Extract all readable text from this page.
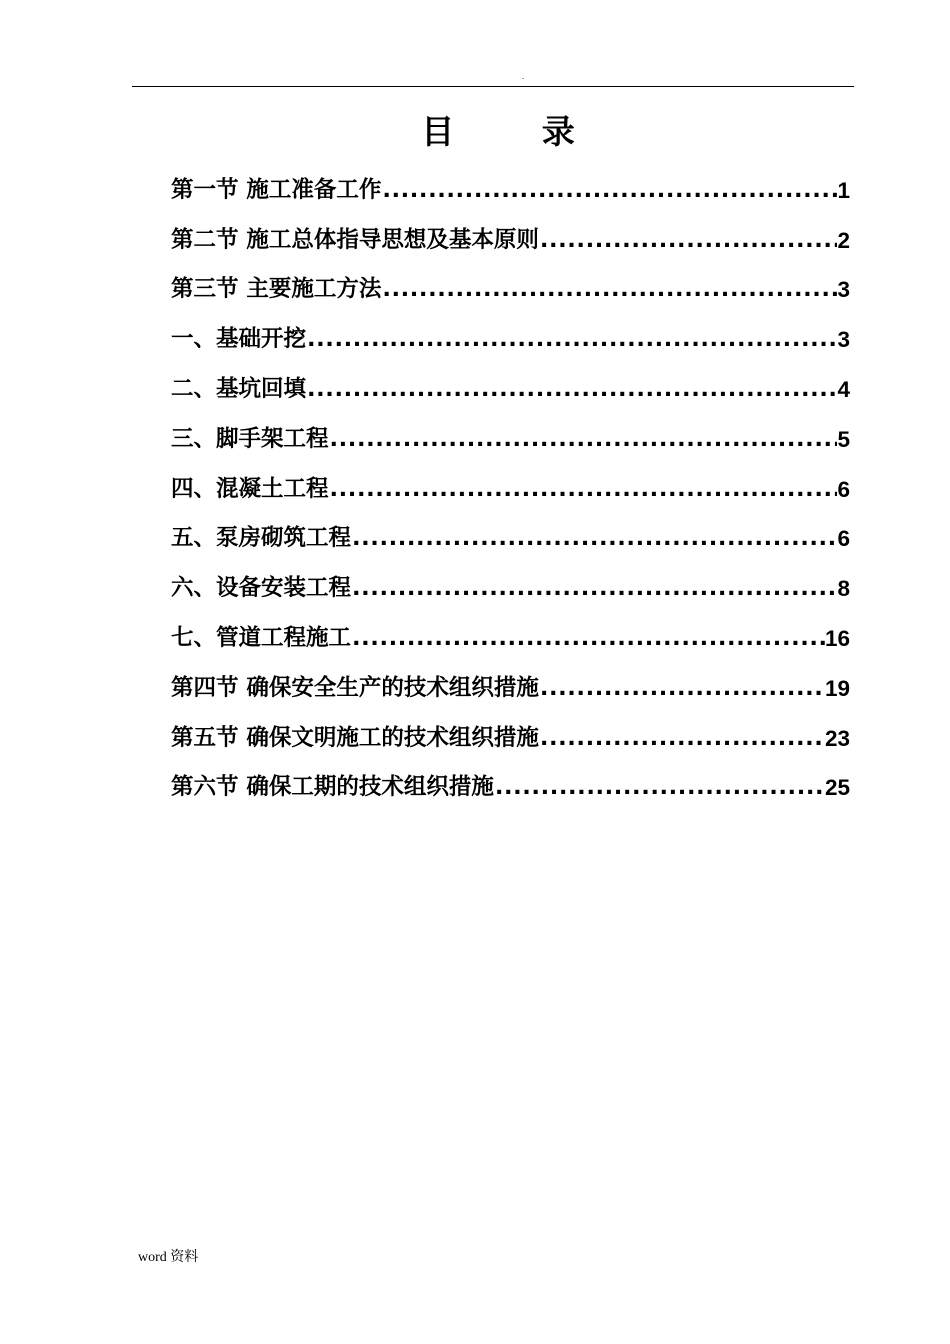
.
目 录
第一节 施工准备工作 .....	1
第二节 施工总体指导思想及基本原则 .....	2
第三节 主要施工方法 .....	3
一、基础开挖 .....	3
二、基坑回填 .....	4
三、脚手架工程 .....	5
四、混凝土工程 .....	6
五、泵房砌筑工程 .....	6
六、设备安装工程 .....	8
七、管道工程施工 .....	16
第四节 确保安全生产的技术组织措施 .....	19
第五节 确保文明施工的技术组织措施 .....	23
第六节 确保工期的技术组织措施 .....	25
word 资料
